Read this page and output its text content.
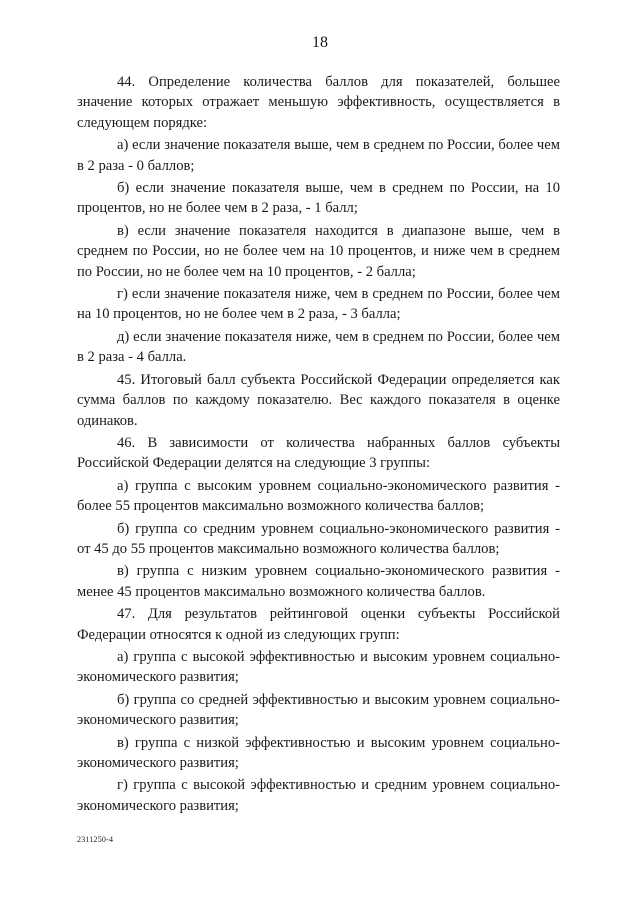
18

44. Определение количества баллов для показателей, большее значение которых отражает меньшую эффективность, осуществляется в следующем порядке:

а) если значение показателя выше, чем в среднем по России, более чем в 2 раза - 0 баллов;

б) если значение показателя выше, чем в среднем по России, на 10 процентов, но не более чем в 2 раза, - 1 балл;

в) если значение показателя находится в диапазоне выше, чем в среднем по России, но не более чем на 10 процентов, и ниже чем в среднем по России, но не более чем на 10 процентов, - 2 балла;

г) если значение показателя ниже, чем в среднем по России, более чем на 10 процентов, но не более чем в 2 раза, - 3 балла;

д) если значение показателя ниже, чем в среднем по России, более чем в 2 раза - 4 балла.

45. Итоговый балл субъекта Российской Федерации определяется как сумма баллов по каждому показателю. Вес каждого показателя в оценке одинаков.

46. В зависимости от количества набранных баллов субъекты Российской Федерации делятся на следующие 3 группы:

а) группа с высоким уровнем социально-экономического развития - более 55 процентов максимально возможного количества баллов;

б) группа со средним уровнем социально-экономического развития - от 45 до 55 процентов максимально возможного количества баллов;

в) группа с низким уровнем социально-экономического развития - менее 45 процентов максимально возможного количества баллов.

47. Для результатов рейтинговой оценки субъекты Российской Федерации относятся к одной из следующих групп:

а) группа с высокой эффективностью и высоким уровнем социально-экономического развития;

б) группа со средней эффективностью и высоким уровнем социально-экономического развития;

в) группа с низкой эффективностью и высоким уровнем социально-экономического развития;

г) группа с высокой эффективностью и средним уровнем социально-экономического развития;

2311250-4
